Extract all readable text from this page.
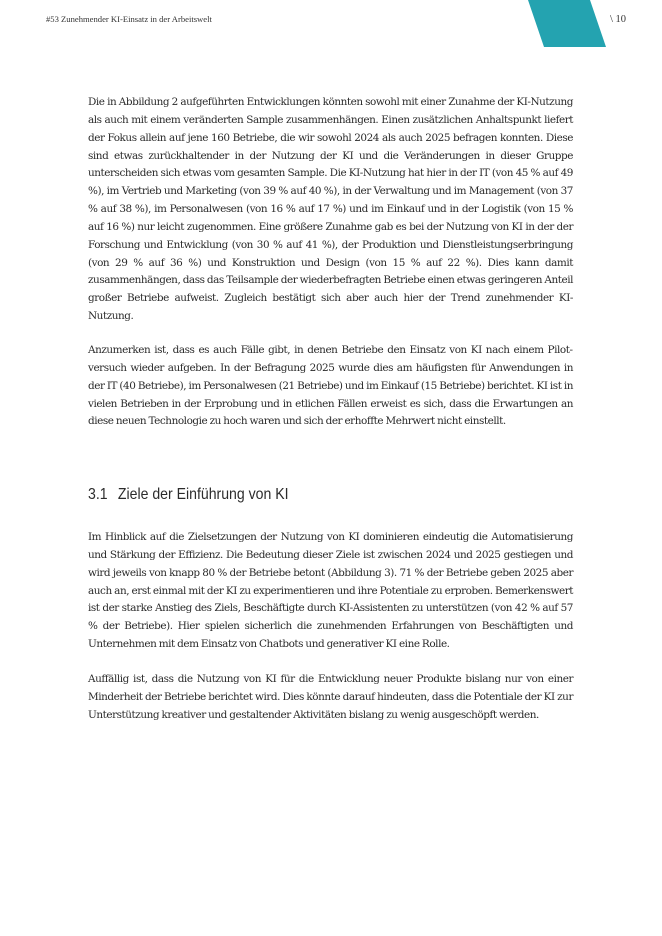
#53 Zunehmender KI-Einsatz in der Arbeitswelt	\ 10

Die in Abbildung 2 aufgeführten Entwicklungen könnten sowohl mit einer Zunahme der KI-Nutzung als auch mit einem veränderten Sample zusammenhängen. Einen zusätzlichen Anhaltspunkt liefert der Fokus allein auf jene 160 Betriebe, die wir sowohl 2024 als auch 2025 befragen konnten. Diese sind etwas zurückhaltender in der Nutzung der KI und die Veränderungen in dieser Gruppe unterscheiden sich etwas vom gesamten Sample. Die KI-Nutzung hat hier in der IT (von 45 % auf 49 %), im Vertrieb und Marketing (von 39 % auf 40 %), in der Verwaltung und im Management (von 37 % auf 38 %), im Personalwesen (von 16 % auf 17 %) und im Einkauf und in der Logistik (von 15 % auf 16 %) nur leicht zugenommen. Eine größere Zunahme gab es bei der Nutzung von KI in der der Forschung und Entwicklung (von 30 % auf 41 %), der Produktion und Dienstleistungserbringung (von 29 % auf 36 %) und Konstruktion und Design (von 15 % auf 22 %). Dies kann damit zusammenhängen, dass das Teilsample der wiederbefragten Betriebe einen etwas geringeren Anteil großer Betriebe aufweist. Zugleich bestätigt sich aber auch hier der Trend zunehmender KI-Nutzung.

Anzumerken ist, dass es auch Fälle gibt, in denen Betriebe den Einsatz von KI nach einem Pilotversuch wieder aufgeben. In der Befragung 2025 wurde dies am häufigsten für Anwendungen in der IT (40 Betriebe), im Personalwesen (21 Betriebe) und im Einkauf (15 Betriebe) berichtet. KI ist in vielen Betrieben in der Erprobung und in etlichen Fällen erweist es sich, dass die Erwartungen an diese neuen Technologie zu hoch waren und sich der erhoffte Mehrwert nicht einstellt.

3.1 Ziele der Einführung von KI

Im Hinblick auf die Zielsetzungen der Nutzung von KI dominieren eindeutig die Automatisierung und Stärkung der Effizienz. Die Bedeutung dieser Ziele ist zwischen 2024 und 2025 gestiegen und wird jeweils von knapp 80 % der Betriebe betont (Abbildung 3). 71 % der Betriebe geben 2025 aber auch an, erst einmal mit der KI zu experimentieren und ihre Potentiale zu erproben. Bemerkenswert ist der starke Anstieg des Ziels, Beschäftigte durch KI-Assistenten zu unterstützen (von 42 % auf 57 % der Betriebe). Hier spielen sicherlich die zunehmenden Erfahrungen von Beschäftigten und Unternehmen mit dem Einsatz von Chatbots und generativer KI eine Rolle.

Auffällig ist, dass die Nutzung von KI für die Entwicklung neuer Produkte bislang nur von einer Minderheit der Betriebe berichtet wird. Dies könnte darauf hindeuten, dass die Potentiale der KI zur Unterstützung kreativer und gestaltender Aktivitäten bislang zu wenig ausgeschöpft werden.
